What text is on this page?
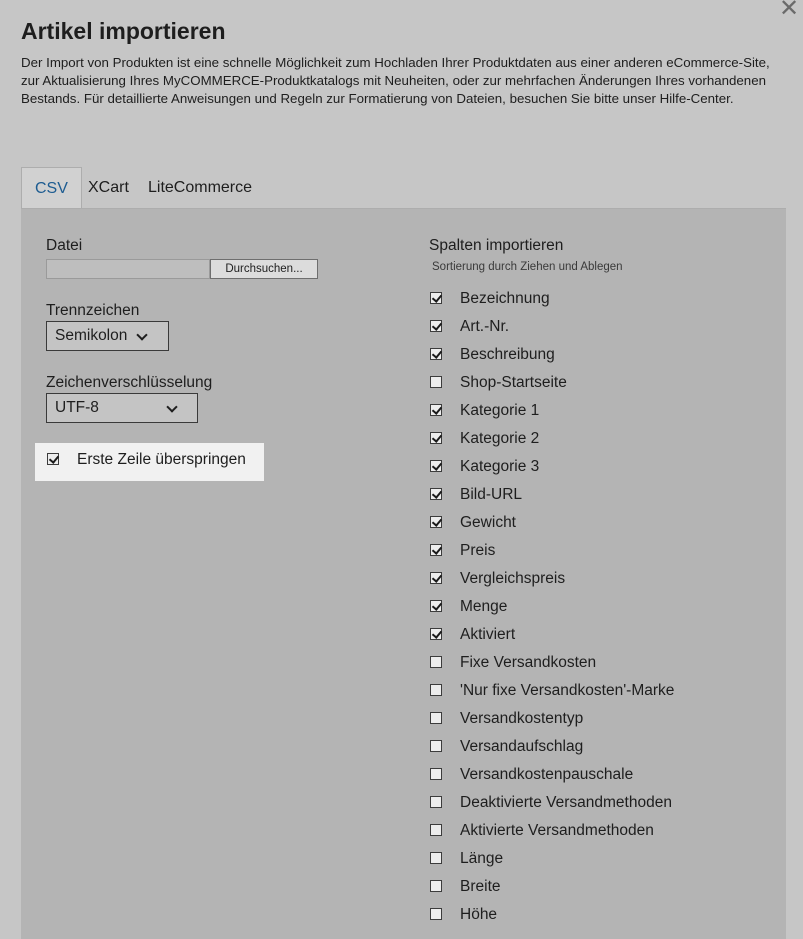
✕
Artikel importieren
Der Import von Produkten ist eine schnelle Möglichkeit zum Hochladen Ihrer Produktdaten aus einer anderen eCommerce-Site, zur Aktualisierung Ihres MyCOMMERCE-Produktkatalogs mit Neuheiten, oder zur mehrfachen Änderungen Ihres vorhandenen Bestands. Für detaillierte Anweisungen und Regeln zur Formatierung von Dateien, besuchen Sie bitte unser Hilfe-Center.
CSV	XCart LiteCommerce
Datei
Durchsuchen...
Trennzeichen
Semikolon
Zeichenverschlüsselung
UTF-8
Erste Zeile überspringen
Spalten importieren
Sortierung durch Ziehen und Ablegen
Bezeichnung
Art.-Nr.
Beschreibung
Shop-Startseite
Kategorie 1
Kategorie 2
Kategorie 3
Bild-URL
Gewicht
Preis
Vergleichspreis
Menge
Aktiviert
Fixe Versandkosten
'Nur fixe Versandkosten'-Marke
Versandkostentyp
Versandaufschlag
Versandkostenpauschale
Deaktivierte Versandmethoden
Aktivierte Versandmethoden
Länge
Breite
Höhe
